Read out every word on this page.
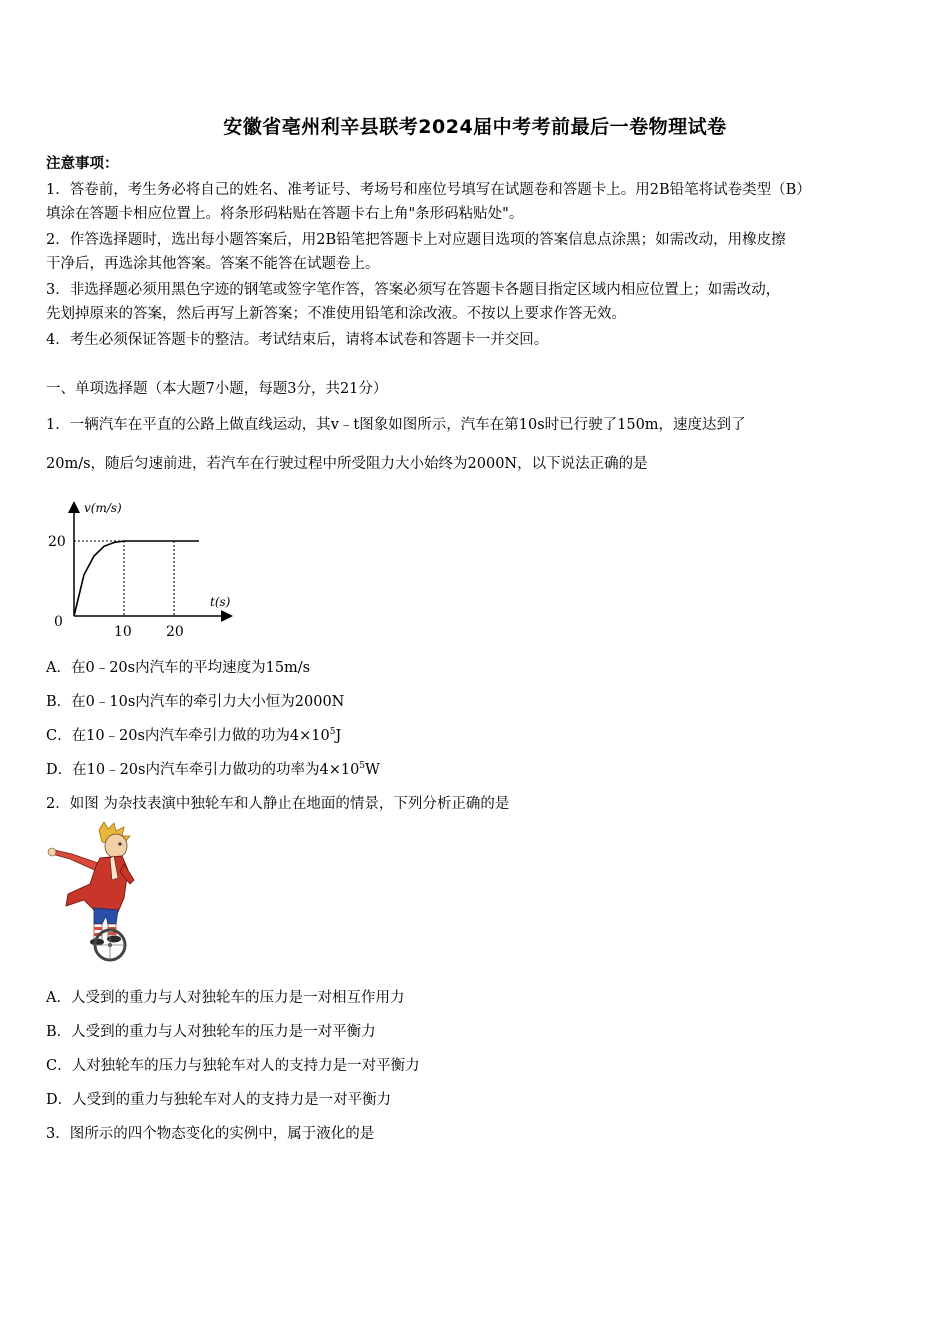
安徽省亳州利辛县联考2024届中考考前最后一卷物理试卷
注意事项：
1．答卷前，考生务必将自己的姓名、准考证号、考场号和座位号填写在试题卷和答题卡上。用2B铅笔将试卷类型（B）
填涂在答题卡相应位置上。将条形码粘贴在答题卡右上角"条形码粘贴处"。
2．作答选择题时，选出每小题答案后，用2B铅笔把答题卡上对应题目选项的答案信息点涂黑；如需改动，用橡皮擦
干净后，再选涂其他答案。答案不能答在试题卷上。
3．非选择题必须用黑色字迹的钢笔或签字笔作答，答案必须写在答题卡各题目指定区域内相应位置上；如需改动，
先划掉原来的答案，然后再写上新答案；不准使用铅笔和涂改液。不按以上要求作答无效。
4．考生必须保证答题卡的整洁。考试结束后，请将本试卷和答题卡一并交回。
一、单项选择题（本大题7小题，每题3分，共21分）
1．一辆汽车在平直的公路上做直线运动，其v﹣t图象如图所示，汽车在第10s时已行驶了150m，速度达到了
20m/s，随后匀速前进，若汽车在行驶过程中所受阻力大小始终为2000N，以下说法正确的是
v(m/s)
t(s)
20
0
10 20
A．在0﹣20s内汽车的平均速度为15m/s
B．在0﹣10s内汽车的牵引力大小恒为2000N
C．在10﹣20s内汽车牵引力做的功为$4\times 10^5J$
D．在10﹣20s内汽车牵引力做功的功率为$4\times 10^5W$
2．如图 为杂技表演中独轮车和人静止在地面的情景，下列分析正确的是
A．人受到的重力与人对独轮车的压力是一对相互作用力
B．人受到的重力与人对独轮车的压力是一对平衡力
C．人对独轮车的压力与独轮车对人的支持力是一对平衡力
D．人受到的重力与独轮车对人的支持力是一对平衡力
3．图所示的四个物态变化的实例中，属于液化的是
